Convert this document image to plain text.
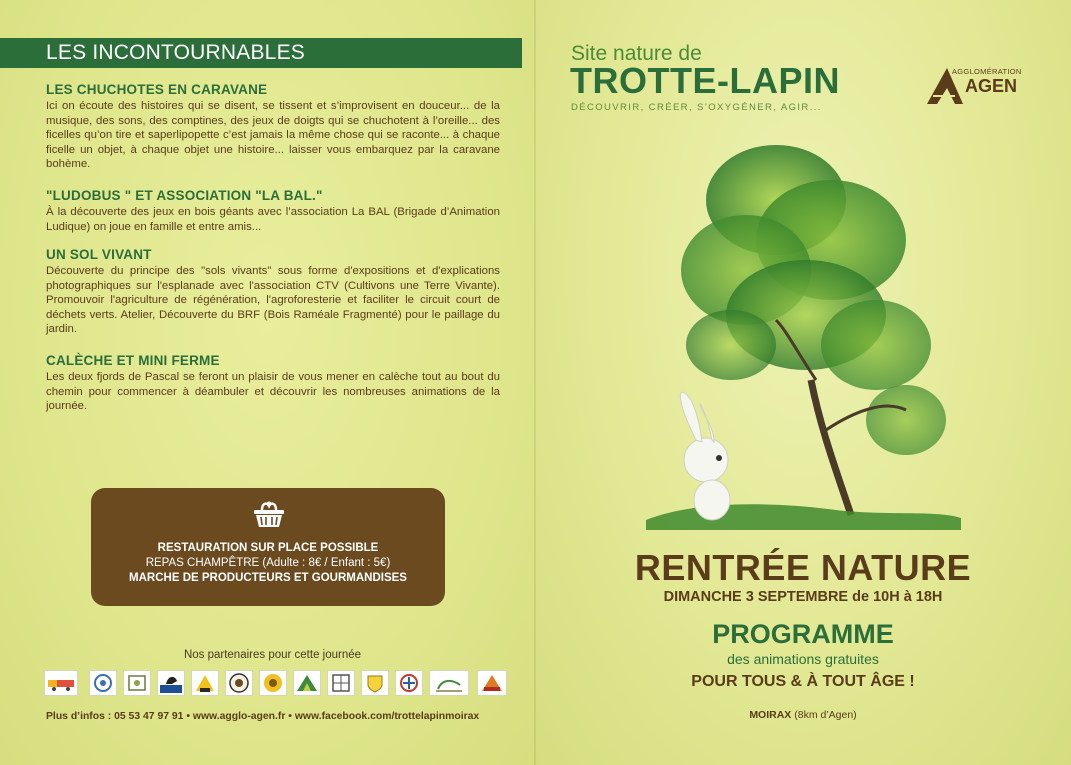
LES INCONTOURNABLES
LES CHUCHOTES EN CARAVANE

Ici on écoute des histoires qui se disent, se tissent et s’improvisent en douceur... de la musique, des sons, des comptines, des jeux de doigts qui se chuchotent à l’oreille... des ficelles qu’on tire et saperlipopette c’est jamais la même chose qui se raconte... à chaque ficelle un objet, à chaque objet une histoire... laisser vous embarquez par la caravane bohème.

"LUDOBUS " ET ASSOCIATION "LA BAL."

À la découverte des jeux en bois géants avec l’association La BAL (Brigade d’Animation Ludique) on joue en famille et entre amis...

UN SOL VIVANT

Découverte du principe des "sols vivants" sous forme d'expositions et d'explications photographiques sur l'esplanade avec l'association CTV (Cultivons une Terre Vivante). Promouvoir l'agriculture de régénération, l'agroforesterie et faciliter le circuit court de déchets verts. Atelier, Découverte du BRF (Bois Raméale Fragmenté) pour le paillage du jardin.

CALÈCHE ET MINI FERME

Les deux fjords de Pascal se feront un plaisir de vous mener en calèche tout au bout du chemin pour commencer à déambuler et découvrir les nombreuses animations de la journée.

RESTAURATION SUR PLACE POSSIBLE
REPAS CHAMPÊTRE (Adulte : 8€ / Enfant : 5€)
MARCHE DE PRODUCTEURS ET GOURMANDISES
Nos partenaires pour cette journée
Plus d’infos : 05 53 47 97 91 • www.agglo-agen.fr • www.facebook.com/trottelapinmoirax
Site nature de
TROTTE-LAPIN
DÉCOUVRIR, CRÉER, S’OXYGÉNER, AGIR...
AGGLOMÉRATION
AGEN
RENTRÉE NATURE
DIMANCHE 3 SEPTEMBRE de 10H à 18H
PROGRAMME
des animations gratuites
POUR TOUS & À TOUT ÂGE !
MOIRAX (8km d’Agen)
